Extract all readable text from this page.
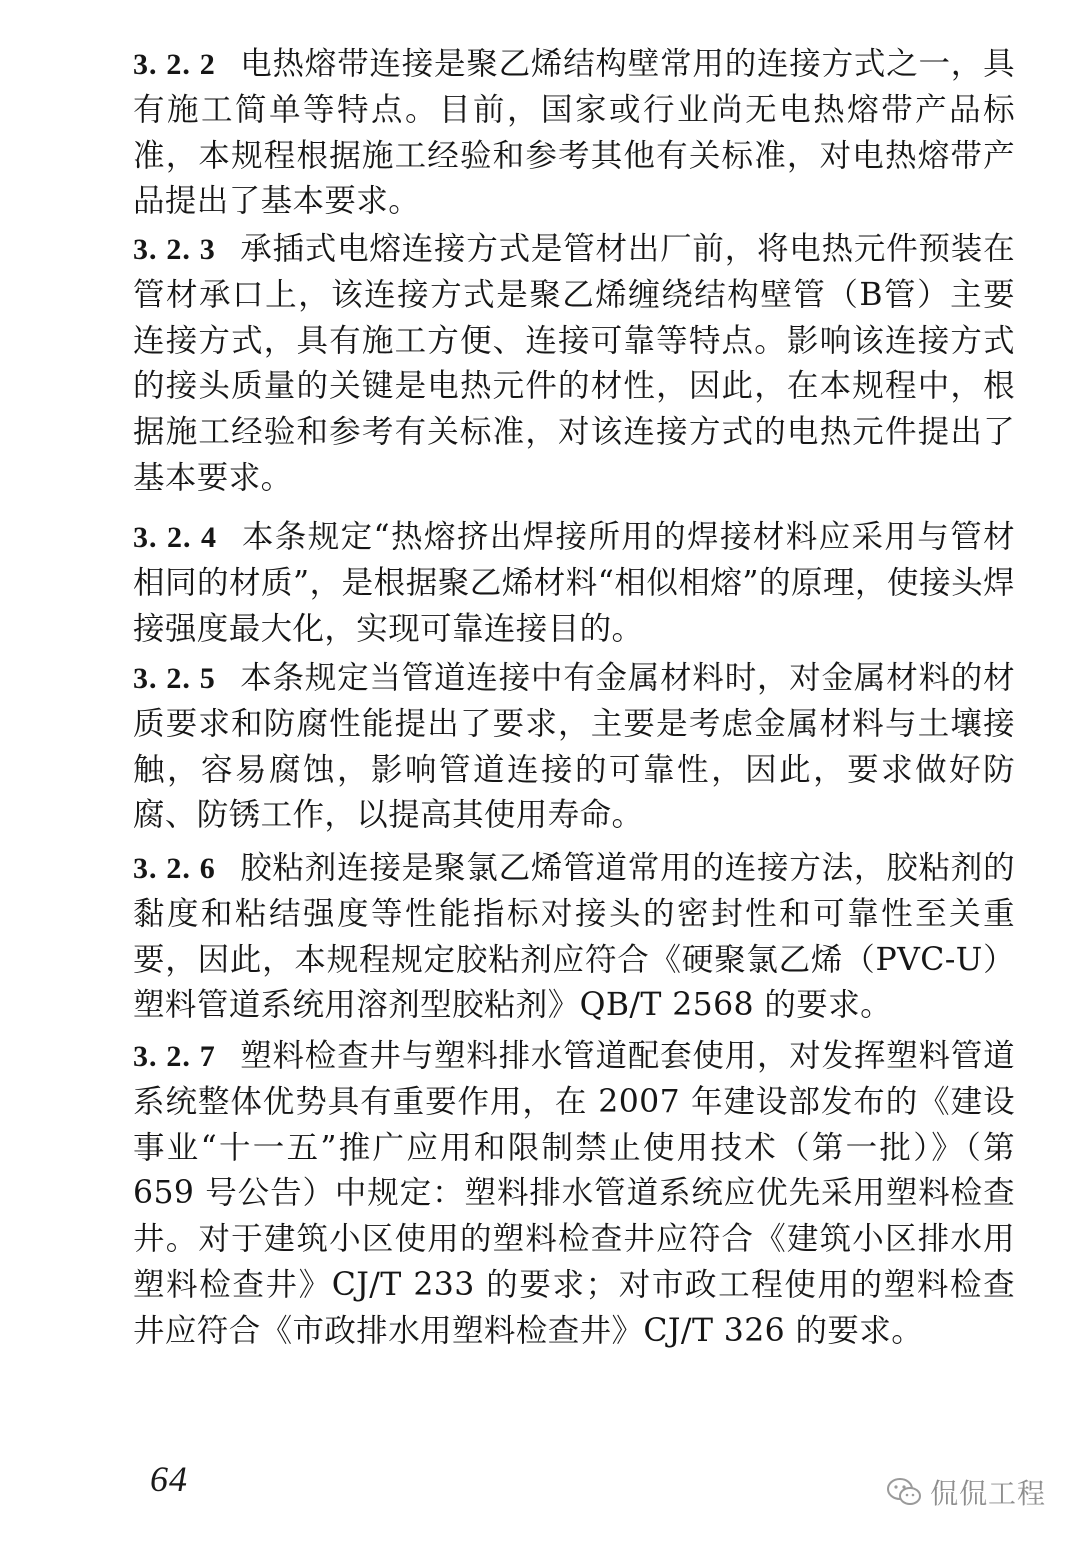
3. 2. 2 电热熔带连接是聚乙烯结构壁常用的连接方式之一，具有施工简单等特点。目前，国家或行业尚无电热熔带产品标准，本规程根据施工经验和参考其他有关标准，对电热熔带产品提出了基本要求。

3. 2. 3 承插式电熔连接方式是管材出厂前，将电热元件预装在管材承口上，该连接方式是聚乙烯缠绕结构壁管（B管）主要连接方式，具有施工方便、连接可靠等特点。影响该连接方式的接头质量的关键是电热元件的材性，因此，在本规程中，根据施工经验和参考有关标准，对该连接方式的电热元件提出了基本要求。

3. 2. 4 本条规定“热熔挤出焊接所用的焊接材料应采用与管材相同的材质”，是根据聚乙烯材料“相似相熔”的原理，使接头焊接强度最大化，实现可靠连接目的。

3. 2. 5 本条规定当管道连接中有金属材料时，对金属材料的材质要求和防腐性能提出了要求，主要是考虑金属材料与土壤接触，容易腐蚀，影响管道连接的可靠性，因此，要求做好防腐、防锈工作，以提高其使用寿命。

3. 2. 6 胶粘剂连接是聚氯乙烯管道常用的连接方法，胶粘剂的黏度和粘结强度等性能指标对接头的密封性和可靠性至关重要，因此，本规程规定胶粘剂应符合《硬聚氯乙烯（PVC-U）塑料管道系统用溶剂型胶粘剂》QB/T 2568 的要求。

3. 2. 7 塑料检查井与塑料排水管道配套使用，对发挥塑料管道系统整体优势具有重要作用，在 2007 年建设部发布的《建设事业“十一五”推广应用和限制禁止使用技术（第一批）》（第 659 号公告）中规定：塑料排水管道系统应优先采用塑料检查井。对于建筑小区使用的塑料检查井应符合《建筑小区排水用塑料检查井》CJ/T 233 的要求；对市政工程使用的塑料检查井应符合《市政排水用塑料检查井》CJ/T 326 的要求。

64	侃侃工程
